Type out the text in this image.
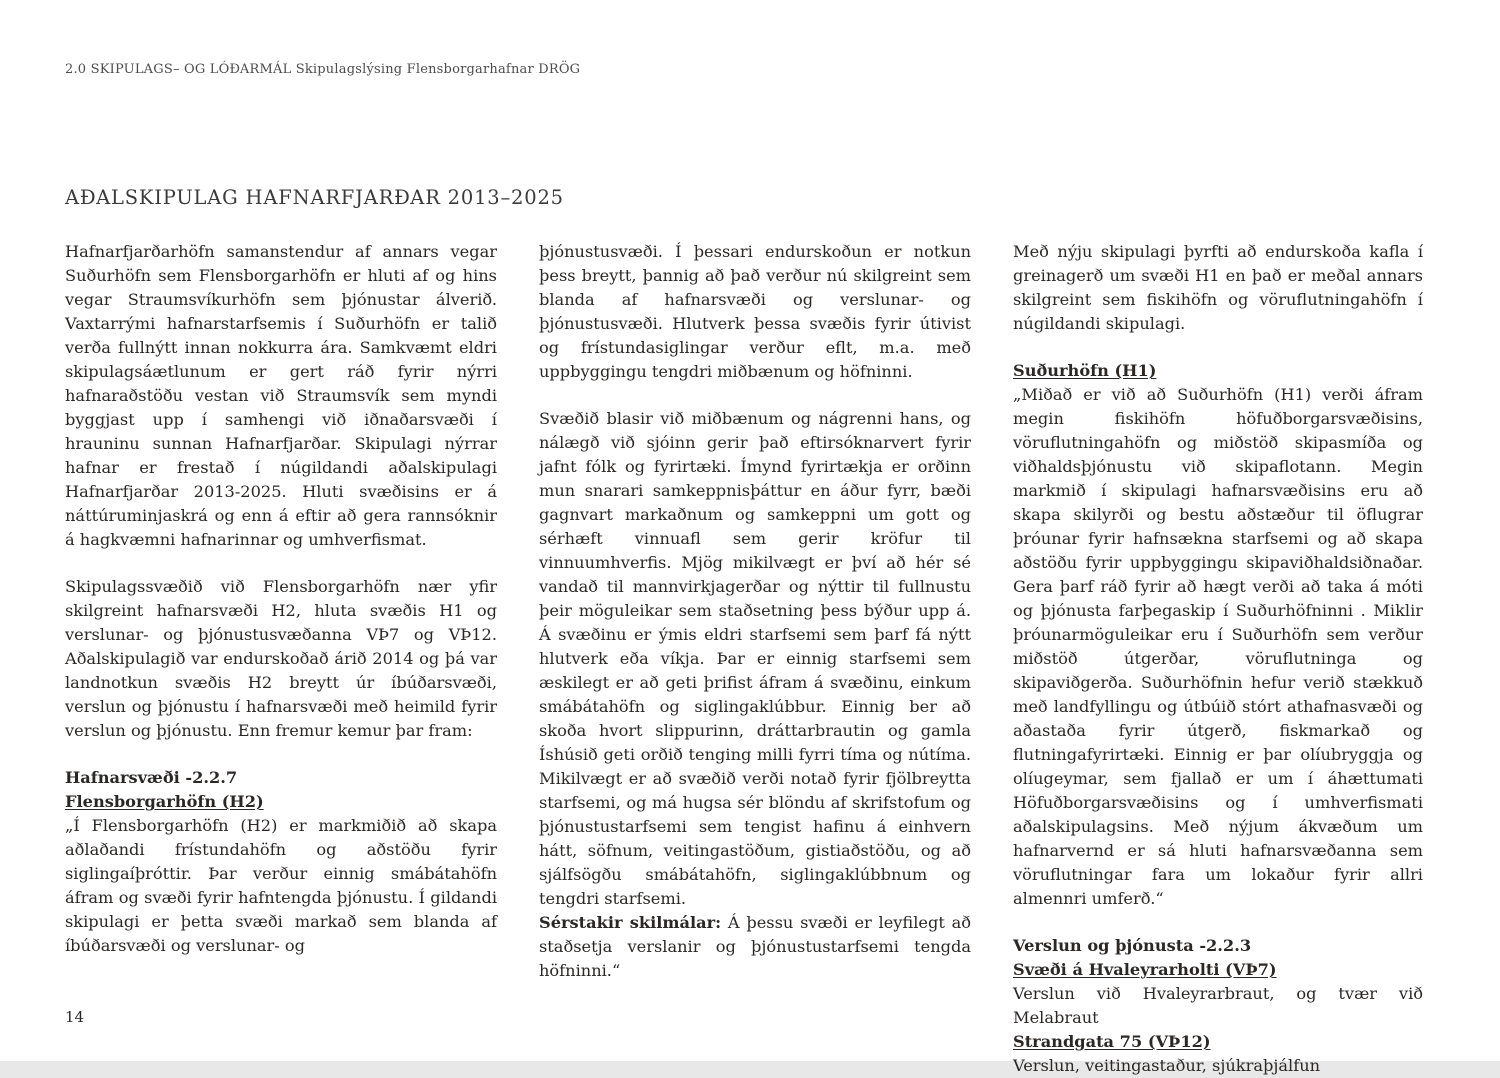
2.0 SKIPULAGS– OG LÓÐARMÁL Skipulagslýsing Flensborgarhafnar DRÖG
AÐALSKIPULAG HAFNARFJARÐAR 2013–2025

Hafnarfjarðarhöfn samanstendur af annars vegar Suðurhöfn sem Flensborgarhöfn er hluti af og hins vegar Straumsvíkurhöfn sem þjónustar álverið. Vaxtarrými hafnarstarfsemis í Suðurhöfn er talið verða fullnýtt innan nokkurra ára. Samkvæmt eldri skipulagsáætlunum er gert ráð fyrir nýrri hafnaraðstöðu vestan við Straumsvík sem myndi byggjast upp í samhengi við iðnaðarsvæði í hrauninu sunnan Hafnarfjarðar. Skipulagi nýrrar hafnar er frestað í núgildandi aðalskipulagi Hafnarfjarðar 2013-2025. Hluti svæðisins er á náttúruminjaskrá og enn á eftir að gera rannsóknir á hagkvæmni hafnarinnar og umhverfismat.

Skipulagssvæðið við Flensborgarhöfn nær yfir skilgreint hafnarsvæði H2, hluta svæðis H1 og verslunar- og þjónustusvæðanna VÞ7 og VÞ12. Aðalskipulagið var endurskoðað árið 2014 og þá var landnotkun svæðis H2 breytt úr íbúðarsvæði, verslun og þjónustu í hafnarsvæði með heimild fyrir verslun og þjónustu. Enn fremur kemur þar fram:

Hafnarsvæði -2.2.7
Flensborgarhöfn (H2)

„Í Flensborgarhöfn (H2) er markmiðið að skapa aðlaðandi frístundahöfn og aðstöðu fyrir siglingaíþróttir. Þar verður einnig smábátahöfn áfram og svæði fyrir hafntengda þjónustu. Í gildandi skipulagi er þetta svæði markað sem blanda af íbúðarsvæði og verslunar- og

þjónustusvæði. Í þessari endurskoðun er notkun þess breytt, þannig að það verður nú skilgreint sem blanda af hafnarsvæði og verslunar- og þjónustusvæði. Hlutverk þessa svæðis fyrir útivist og frístundasiglingar verður eflt, m.a. með uppbyggingu tengdri miðbænum og höfninni.

Svæðið blasir við miðbænum og nágrenni hans, og nálægð við sjóinn gerir það eftirsóknarvert fyrir jafnt fólk og fyrirtæki. Ímynd fyrirtækja er orðinn mun snarari samkeppnisþáttur en áður fyrr, bæði gagnvart markaðnum og samkeppni um gott og sérhæft vinnuafl sem gerir kröfur til vinnuumhverfis. Mjög mikilvægt er því að hér sé vandað til mannvirkjagerðar og nýttir til fullnustu þeir möguleikar sem staðsetning þess býður upp á. Á svæðinu er ýmis eldri starfsemi sem þarf fá nýtt hlutverk eða víkja. Þar er einnig starfsemi sem æskilegt er að geti þrifist áfram á svæðinu, einkum smábátahöfn og siglingaklúbbur. Einnig ber að skoða hvort slippurinn, dráttarbrautin og gamla Íshúsið geti orðið tenging milli fyrri tíma og nútíma. Mikilvægt er að svæðið verði notað fyrir fjölbreytta starfsemi, og má hugsa sér blöndu af skrifstofum og þjónustustarfsemi sem tengist hafinu á einhvern hátt, söfnum, veitingastöðum, gistiaðstöðu, og að sjálfsögðu smábátahöfn, siglingaklúbbnum og tengdri starfsemi.

Sérstakir skilmálar: Á þessu svæði er leyfilegt að staðsetja verslanir og þjónustustarfsemi tengda höfninni.“

Með nýju skipulagi þyrfti að endurskoða kafla í greinagerð um svæði H1 en það er meðal annars skilgreint sem fiskihöfn og vöruflutningahöfn í núgildandi skipulagi.

Suðurhöfn (H1)

„Miðað er við að Suðurhöfn (H1) verði áfram megin fiskihöfn höfuðborgarsvæðisins, vöruflutningahöfn og miðstöð skipasmíða og viðhaldsþjónustu við skipaflotann. Megin markmið í skipulagi hafnarsvæðisins eru að skapa skilyrði og bestu aðstæður til öflugrar þróunar fyrir hafnsækna starfsemi og að skapa aðstöðu fyrir uppbyggingu skipaviðhaldsiðnaðar. Gera þarf ráð fyrir að hægt verði að taka á móti og þjónusta farþegaskip í Suðurhöfninni . Miklir þróunarmöguleikar eru í Suðurhöfn sem verður miðstöð útgerðar, vöruflutninga og skipaviðgerða. Suðurhöfnin hefur verið stækkuð með landfyllingu og útbúið stórt athafnasvæði og aðastaða fyrir útgerð, fiskmarkað og flutningafyrirtæki. Einnig er þar olíubryggja og olíugeymar, sem fjallað er um í áhættumati Höfuðborgarsvæðisins og í umhverfismati aðalskipulagsins. Með nýjum ákvæðum um hafnarvernd er sá hluti hafnarsvæðanna sem vöruflutningar fara um lokaður fyrir allri almennri umferð.“

Verslun og þjónusta -2.2.3
Svæði á Hvaleyrarholti (VÞ7)
Verslun við Hvaleyrarbraut, og tvær við Melabraut
Strandgata 75 (VÞ12)
Verslun, veitingastaður, sjúkraþjálfun
14
